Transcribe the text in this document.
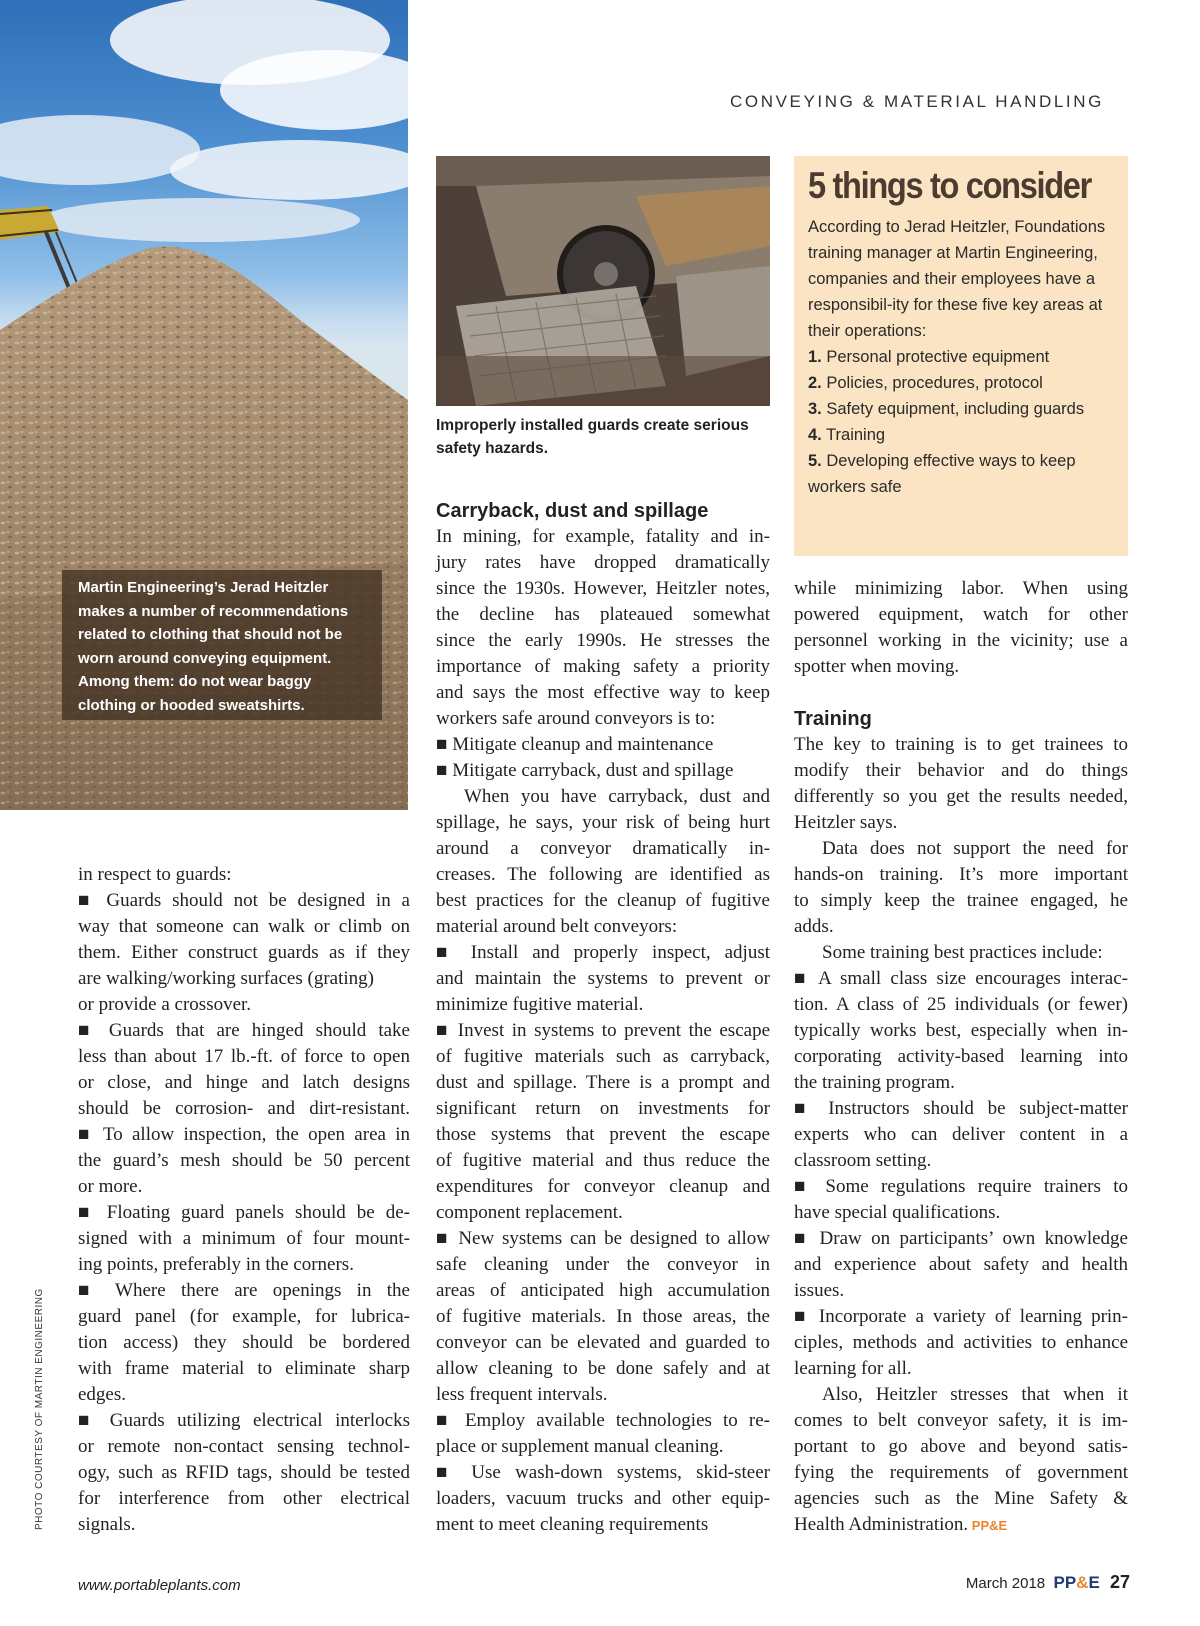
Martin Engineering’s Jerad Heitzler makes a number of recommendations related to clothing that should not be worn around conveying equipment. Among them: do not wear baggy clothing or hooded sweatshirts.

PHOTO COURTESY OF MARTIN ENGINEERING
CONVEYING & MATERIAL HANDLING
Improperly installed guards create serious safety hazards.
5 things to consider

According to Jerad Heitzler, Foundations training manager at Martin Engineering, companies and their employees have a responsibil-ity for these five key areas at their operations:

1. Personal protective equipment
2. Policies, procedures, protocol
3. Safety equipment, including guards
4. Training
5. Developing effective ways to keep workers safe
in respect to guards:
■ Guards should not be designed in a
way that someone can walk or climb on
them. Either construct guards as if they
are walking/working surfaces (grating)
or provide a crossover.
■ Guards that are hinged should take
less than about 17 lb.-ft. of force to open
or close, and hinge and latch designs
should be corrosion- and dirt-resistant.
■ To allow inspection, the open area in
the guard’s mesh should be 50 percent
or more.
■ Floating guard panels should be de-
signed with a minimum of four mount-
ing points, preferably in the corners.
■ Where there are openings in the
guard panel (for example, for lubrica-
tion access) they should be bordered
with frame material to eliminate sharp
edges.
■ Guards utilizing electrical interlocks
or remote non-contact sensing technol-
ogy, such as RFID tags, should be tested
for interference from other electrical
signals.
Carryback, dust and spillage
In mining, for example, fatality and in-
jury rates have dropped dramatically
since the 1930s. However, Heitzler notes,
the decline has plateaued somewhat
since the early 1990s. He stresses the
importance of making safety a priority
and says the most effective way to keep
workers safe around conveyors is to:
■ Mitigate cleanup and maintenance
■ Mitigate carryback, dust and spillage
When you have carryback, dust and
spillage, he says, your risk of being hurt
around a conveyor dramatically in-
creases. The following are identified as
best practices for the cleanup of fugitive
material around belt conveyors:
■ Install and properly inspect, adjust
and maintain the systems to prevent or
minimize fugitive material.
■ Invest in systems to prevent the escape
of fugitive materials such as carryback,
dust and spillage. There is a prompt and
significant return on investments for
those systems that prevent the escape
of fugitive material and thus reduce the
expenditures for conveyor cleanup and
component replacement.
■ New systems can be designed to allow
safe cleaning under the conveyor in
areas of anticipated high accumulation
of fugitive materials. In those areas, the
conveyor can be elevated and guarded to
allow cleaning to be done safely and at
less frequent intervals.
■ Employ available technologies to re-
place or supplement manual cleaning.
■ Use wash-down systems, skid-steer
loaders, vacuum trucks and other equip-
ment to meet cleaning requirements
while minimizing labor. When using
powered equipment, watch for other
personnel working in the vicinity; use a
spotter when moving.
Training
The key to training is to get trainees to
modify their behavior and do things
differently so you get the results needed,
Heitzler says.
Data does not support the need for
hands-on training. It’s more important
to simply keep the trainee engaged, he
adds.
Some training best practices include:
■ A small class size encourages interac-
tion. A class of 25 individuals (or fewer)
typically works best, especially when in-
corporating activity-based learning into
the training program.
■ Instructors should be subject-matter
experts who can deliver content in a
classroom setting.
■ Some regulations require trainers to
have special qualifications.
■ Draw on participants’ own knowledge
and experience about safety and health
issues.
■ Incorporate a variety of learning prin-
ciples, methods and activities to enhance
learning for all.
Also, Heitzler stresses that when it
comes to belt conveyor safety, it is im-
portant to go above and beyond satis-
fying the requirements of government
agencies such as the Mine Safety &
Health Administration. PP&E
www.portableplants.com	March 2018 PP&E 27
